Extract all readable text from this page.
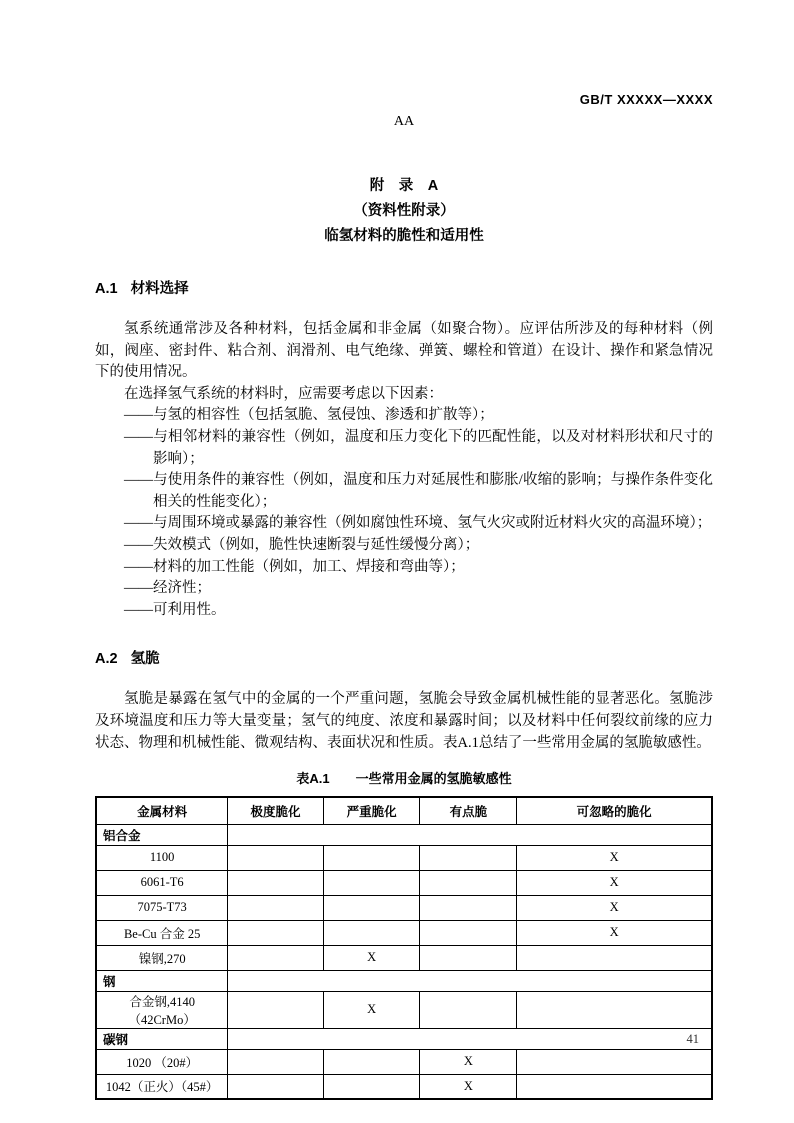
GB/T XXXXX—XXXX
AA
附　录　A
（资料性附录）
临氢材料的脆性和适用性
A.1 材料选择
氢系统通常涉及各种材料，包括金属和非金属（如聚合物）。应评估所涉及的每种材料（例如，阀座、密封件、粘合剂、润滑剂、电气绝缘、弹簧、螺栓和管道）在设计、操作和紧急情况下的使用情况。
在选择氢气系统的材料时，应需要考虑以下因素：
——与氢的相容性（包括氢脆、氢侵蚀、渗透和扩散等）；
——与相邻材料的兼容性（例如，温度和压力变化下的匹配性能，以及对材料形状和尺寸的影响）；
——与使用条件的兼容性（例如，温度和压力对延展性和膨胀/收缩的影响；与操作条件变化相关的性能变化）；
——与周围环境或暴露的兼容性（例如腐蚀性环境、氢气火灾或附近材料火灾的高温环境）；
——失效模式（例如，脆性快速断裂与延性缓慢分离）；
——材料的加工性能（例如，加工、焊接和弯曲等）；
——经济性；
——可利用性。
A.2 氢脆
氢脆是暴露在氢气中的金属的一个严重问题，氢脆会导致金属机械性能的显著恶化。氢脆涉及环境温度和压力等大量变量；氢气的纯度、浓度和暴露时间；以及材料中任何裂纹前缘的应力状态、物理和机械性能、微观结构、表面状况和性质。表A.1总结了一些常用金属的氢脆敏感性。
表A.1 一些常用金属的氢脆敏感性
金属材料	极度脆化	严重脆化	有点脆	可忽略的脆化
铝合金				
1100				X
6061-T6				X
7075-T73				X
Be-Cu 合金 25				X
镍钢,270		X		
钢				
合金钢,4140（42CrMo）		X		
碳钢				
1020 （20#）			X	
1042（正火）（45#）			X	
41
